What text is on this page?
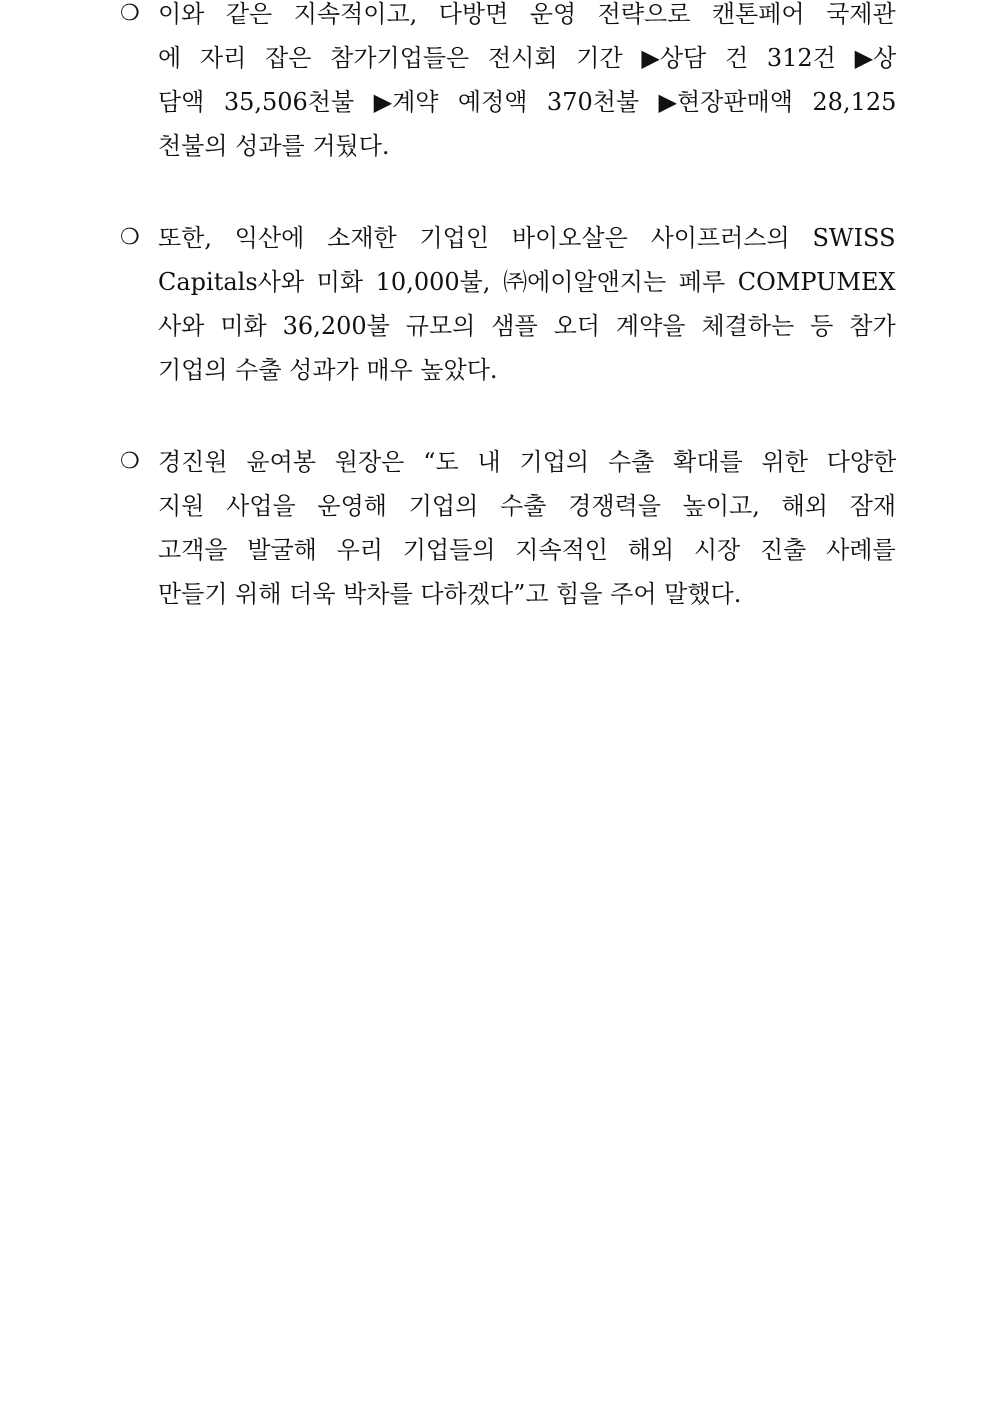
❍ 이와 같은 지속적이고, 다방면 운영 전략으로 캔톤페어 국제관
에 자리 잡은 참가기업들은 전시회 기간 ▶상담 건 312건 ▶상
담액 35,506천불 ▶계약 예정액 370천불 ▶현장판매액 28,125
천불의 성과를 거뒀다.
❍ 또한, 익산에 소재한 기업인 바이오살은 사이프러스의 SWISS
Capitals사와 미화 10,000불, ㈜에이알앤지는 페루 COMPUMEX
사와 미화 36,200불 규모의 샘플 오더 계약을 체결하는 등 참가
기업의 수출 성과가 매우 높았다.
❍ 경진원 윤여봉 원장은 “도 내 기업의 수출 확대를 위한 다양한
지원 사업을 운영해 기업의 수출 경쟁력을 높이고, 해외 잠재
고객을 발굴해 우리 기업들의 지속적인 해외 시장 진출 사례를
만들기 위해 더욱 박차를 다하겠다”고 힘을 주어 말했다.
